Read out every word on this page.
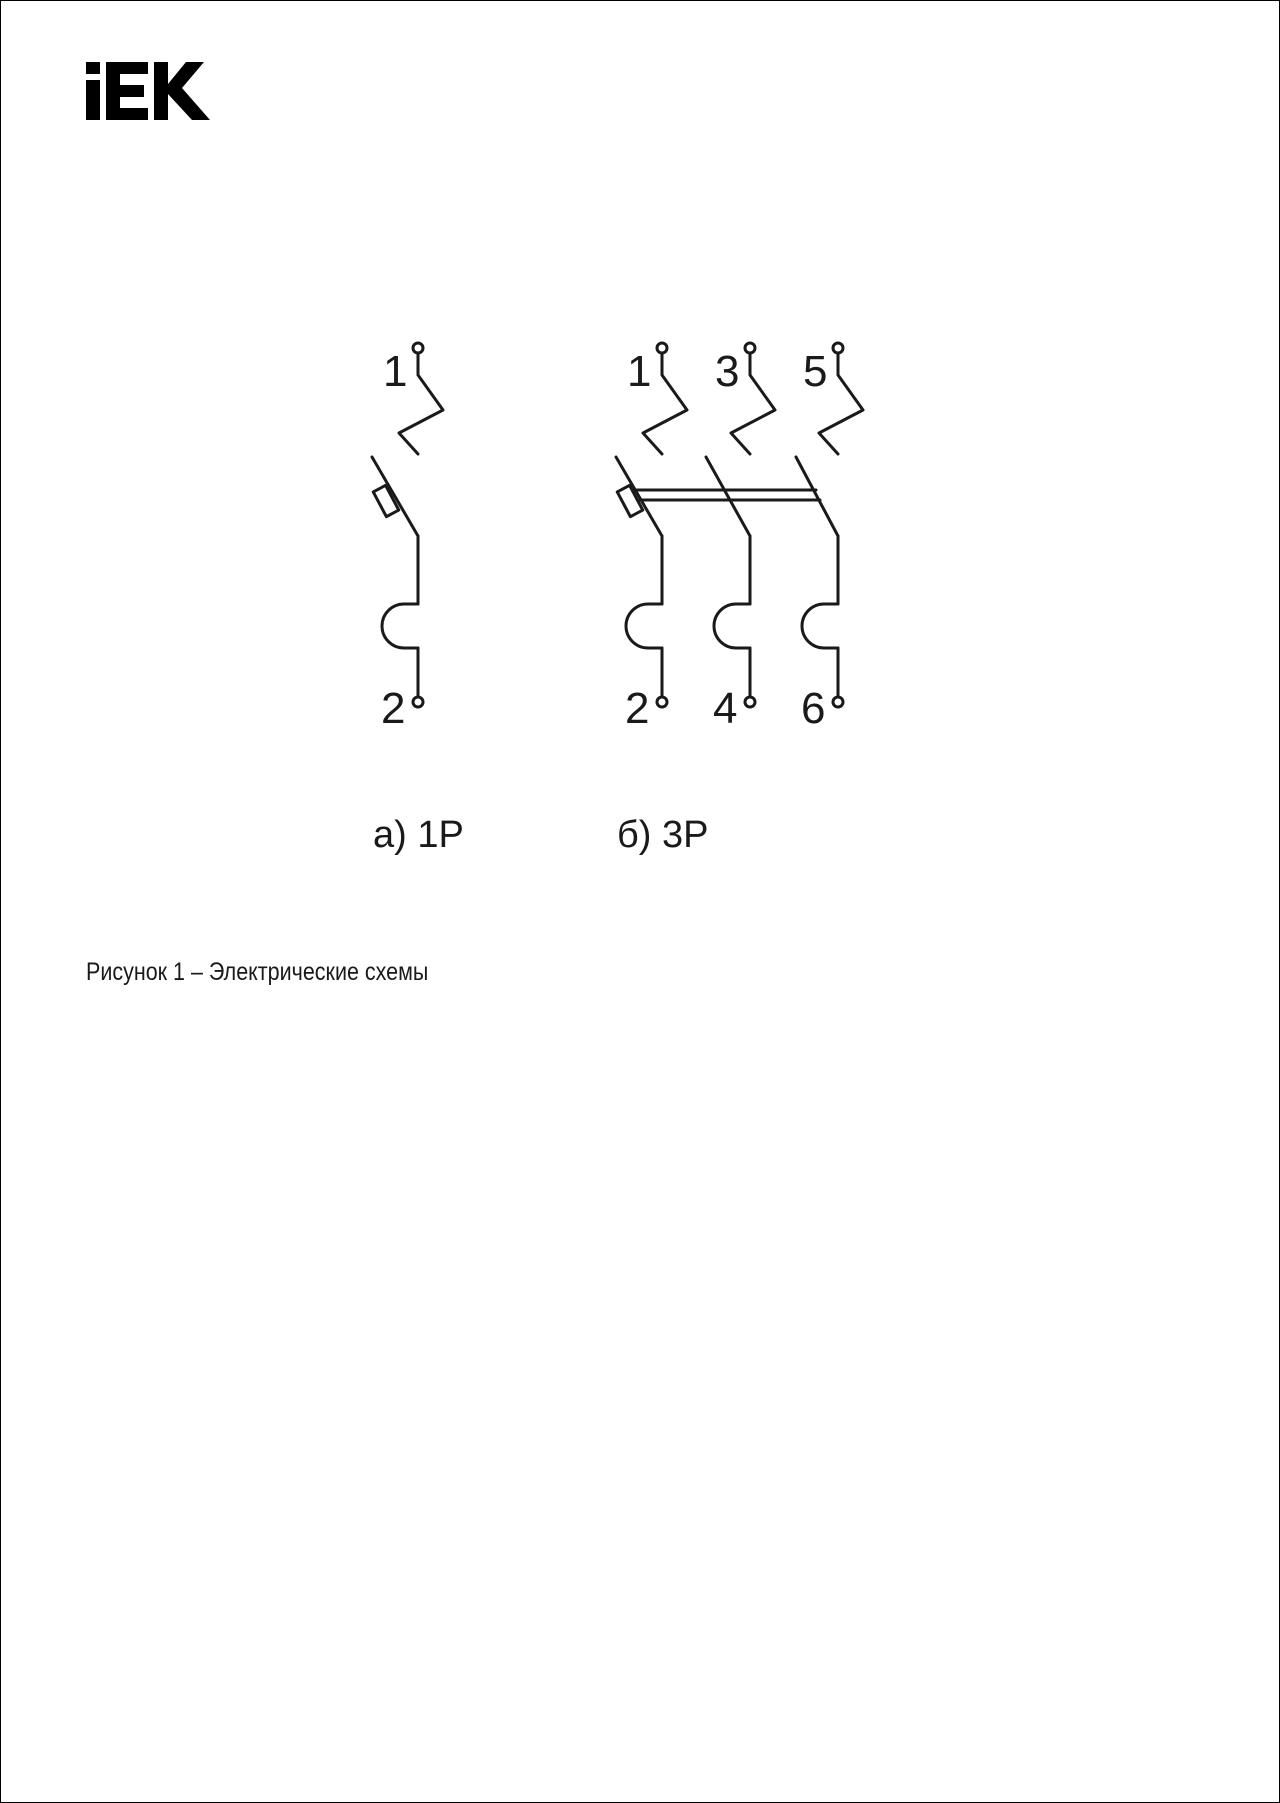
1
2
а) 1P
1
2
3
4
5
6
б) 3P
Рисунок 1 – Электрические схемы
